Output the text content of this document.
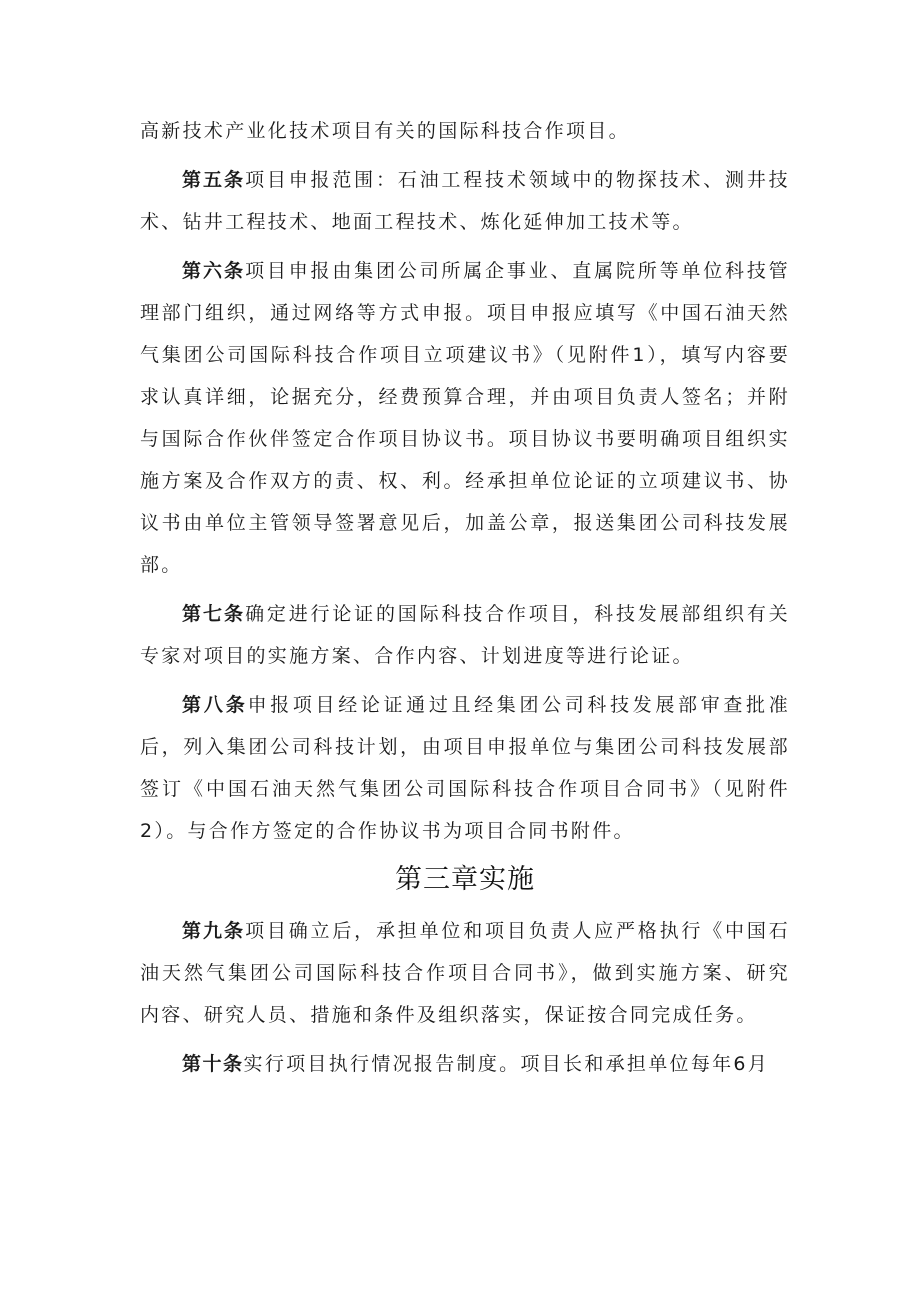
高新技术产业化技术项目有关的国际科技合作项目。

第五条项目申报范围：石油工程技术领域中的物探技术、测井技术、钻井工程技术、地面工程技术、炼化延伸加工技术等。

第六条项目申报由集团公司所属企事业、直属院所等单位科技管理部门组织，通过网络等方式申报。项目申报应填写《中国石油天然气集团公司国际科技合作项目立项建议书》（见附件1），填写内容要求认真详细，论据充分，经费预算合理，并由项目负责人签名；并附与国际合作伙伴签定合作项目协议书。项目协议书要明确项目组织实施方案及合作双方的责、权、利。经承担单位论证的立项建议书、协议书由单位主管领导签署意见后，加盖公章，报送集团公司科技发展部。

第七条确定进行论证的国际科技合作项目，科技发展部组织有关专家对项目的实施方案、合作内容、计划进度等进行论证。

第八条申报项目经论证通过且经集团公司科技发展部审查批准后，列入集团公司科技计划，由项目申报单位与集团公司科技发展部签订《中国石油天然气集团公司国际科技合作项目合同书》（见附件2）。与合作方签定的合作协议书为项目合同书附件。

第三章实施

第九条项目确立后，承担单位和项目负责人应严格执行《中国石油天然气集团公司国际科技合作项目合同书》，做到实施方案、研究内容、研究人员、措施和条件及组织落实，保证按合同完成任务。

第十条实行项目执行情况报告制度。项目长和承担单位每年6月
